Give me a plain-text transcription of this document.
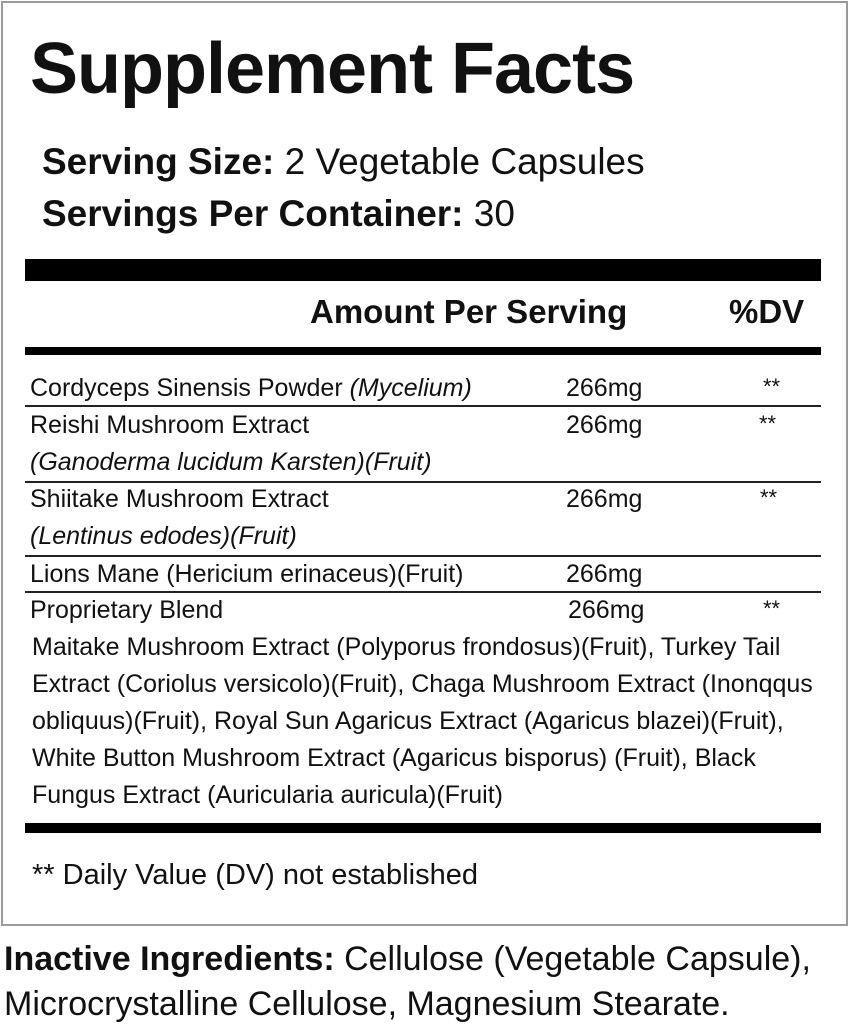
Supplement Facts
Serving Size: 2 Vegetable Capsules
Servings Per Container: 30
Amount Per Serving	%DV
Cordyceps Sinensis Powder (Mycelium)	266mg	**
Reishi Mushroom Extract	266mg	**
(Ganoderma lucidum Karsten)(Fruit)
Shiitake Mushroom Extract	266mg	**
(Lentinus edodes)(Fruit)
Lions Mane (Hericium erinaceus)(Fruit)	266mg
Proprietary Blend	266mg	**
Maitake Mushroom Extract (Polyporus frondosus)(Fruit), Turkey Tail Extract (Coriolus versicolo)(Fruit), Chaga Mushroom Extract (Inonqqus obliquus)(Fruit), Royal Sun Agaricus Extract (Agaricus blazei)(Fruit), White Button Mushroom Extract (Agaricus bisporus) (Fruit), Black Fungus Extract (Auricularia auricula)(Fruit)
** Daily Value (DV) not established
Inactive Ingredients: Cellulose (Vegetable Capsule), Microcrystalline Cellulose, Magnesium Stearate.
